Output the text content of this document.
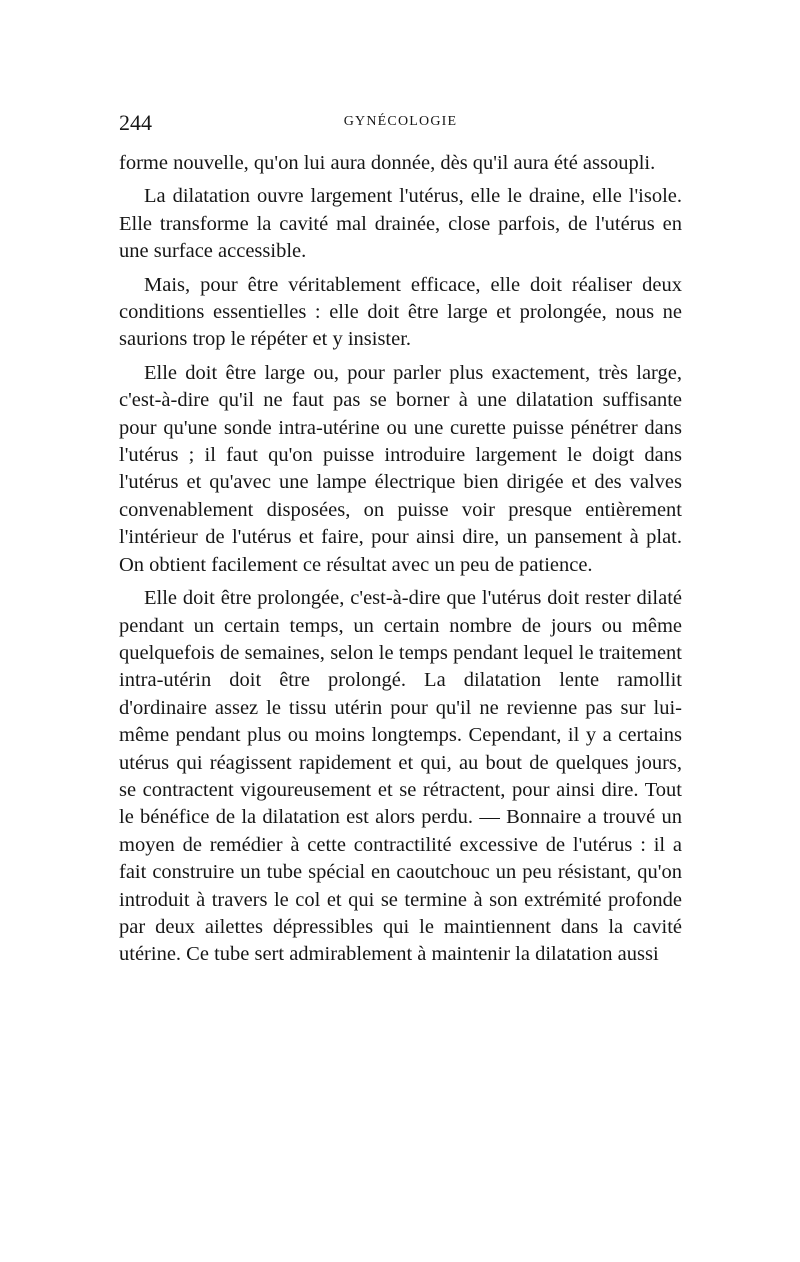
244	GYNÉCOLOGIE

forme nouvelle, qu'on lui aura donnée, dès qu'il aura été assoupli.

La dilatation ouvre largement l'utérus, elle le draine, elle l'isole. Elle transforme la cavité mal drainée, close parfois, de l'utérus en une surface accessible.

Mais, pour être véritablement efficace, elle doit réaliser deux conditions essentielles : elle doit être large et prolongée, nous ne saurions trop le répéter et y insister.

Elle doit être large ou, pour parler plus exactement, très large, c'est-à-dire qu'il ne faut pas se borner à une dilatation suffisante pour qu'une sonde intra-utérine ou une curette puisse pénétrer dans l'utérus ; il faut qu'on puisse introduire largement le doigt dans l'utérus et qu'avec une lampe électrique bien dirigée et des valves convenablement disposées, on puisse voir presque entièrement l'intérieur de l'utérus et faire, pour ainsi dire, un pansement à plat. On obtient facilement ce résultat avec un peu de patience.

Elle doit être prolongée, c'est-à-dire que l'utérus doit rester dilaté pendant un certain temps, un certain nombre de jours ou même quelquefois de semaines, selon le temps pendant lequel le traitement intra-utérin doit être prolongé. La dilatation lente ramollit d'ordinaire assez le tissu utérin pour qu'il ne revienne pas sur lui-même pendant plus ou moins longtemps. Cependant, il y a certains utérus qui réagissent rapidement et qui, au bout de quelques jours, se contractent vigoureusement et se rétractent, pour ainsi dire. Tout le bénéfice de la dilatation est alors perdu. — Bonnaire a trouvé un moyen de remédier à cette contractilité excessive de l'utérus : il a fait construire un tube spécial en caoutchouc un peu résistant, qu'on introduit à travers le col et qui se termine à son extrémité profonde par deux ailettes dépressibles qui le maintiennent dans la cavité utérine. Ce tube sert admirablement à maintenir la dilatation aussi
